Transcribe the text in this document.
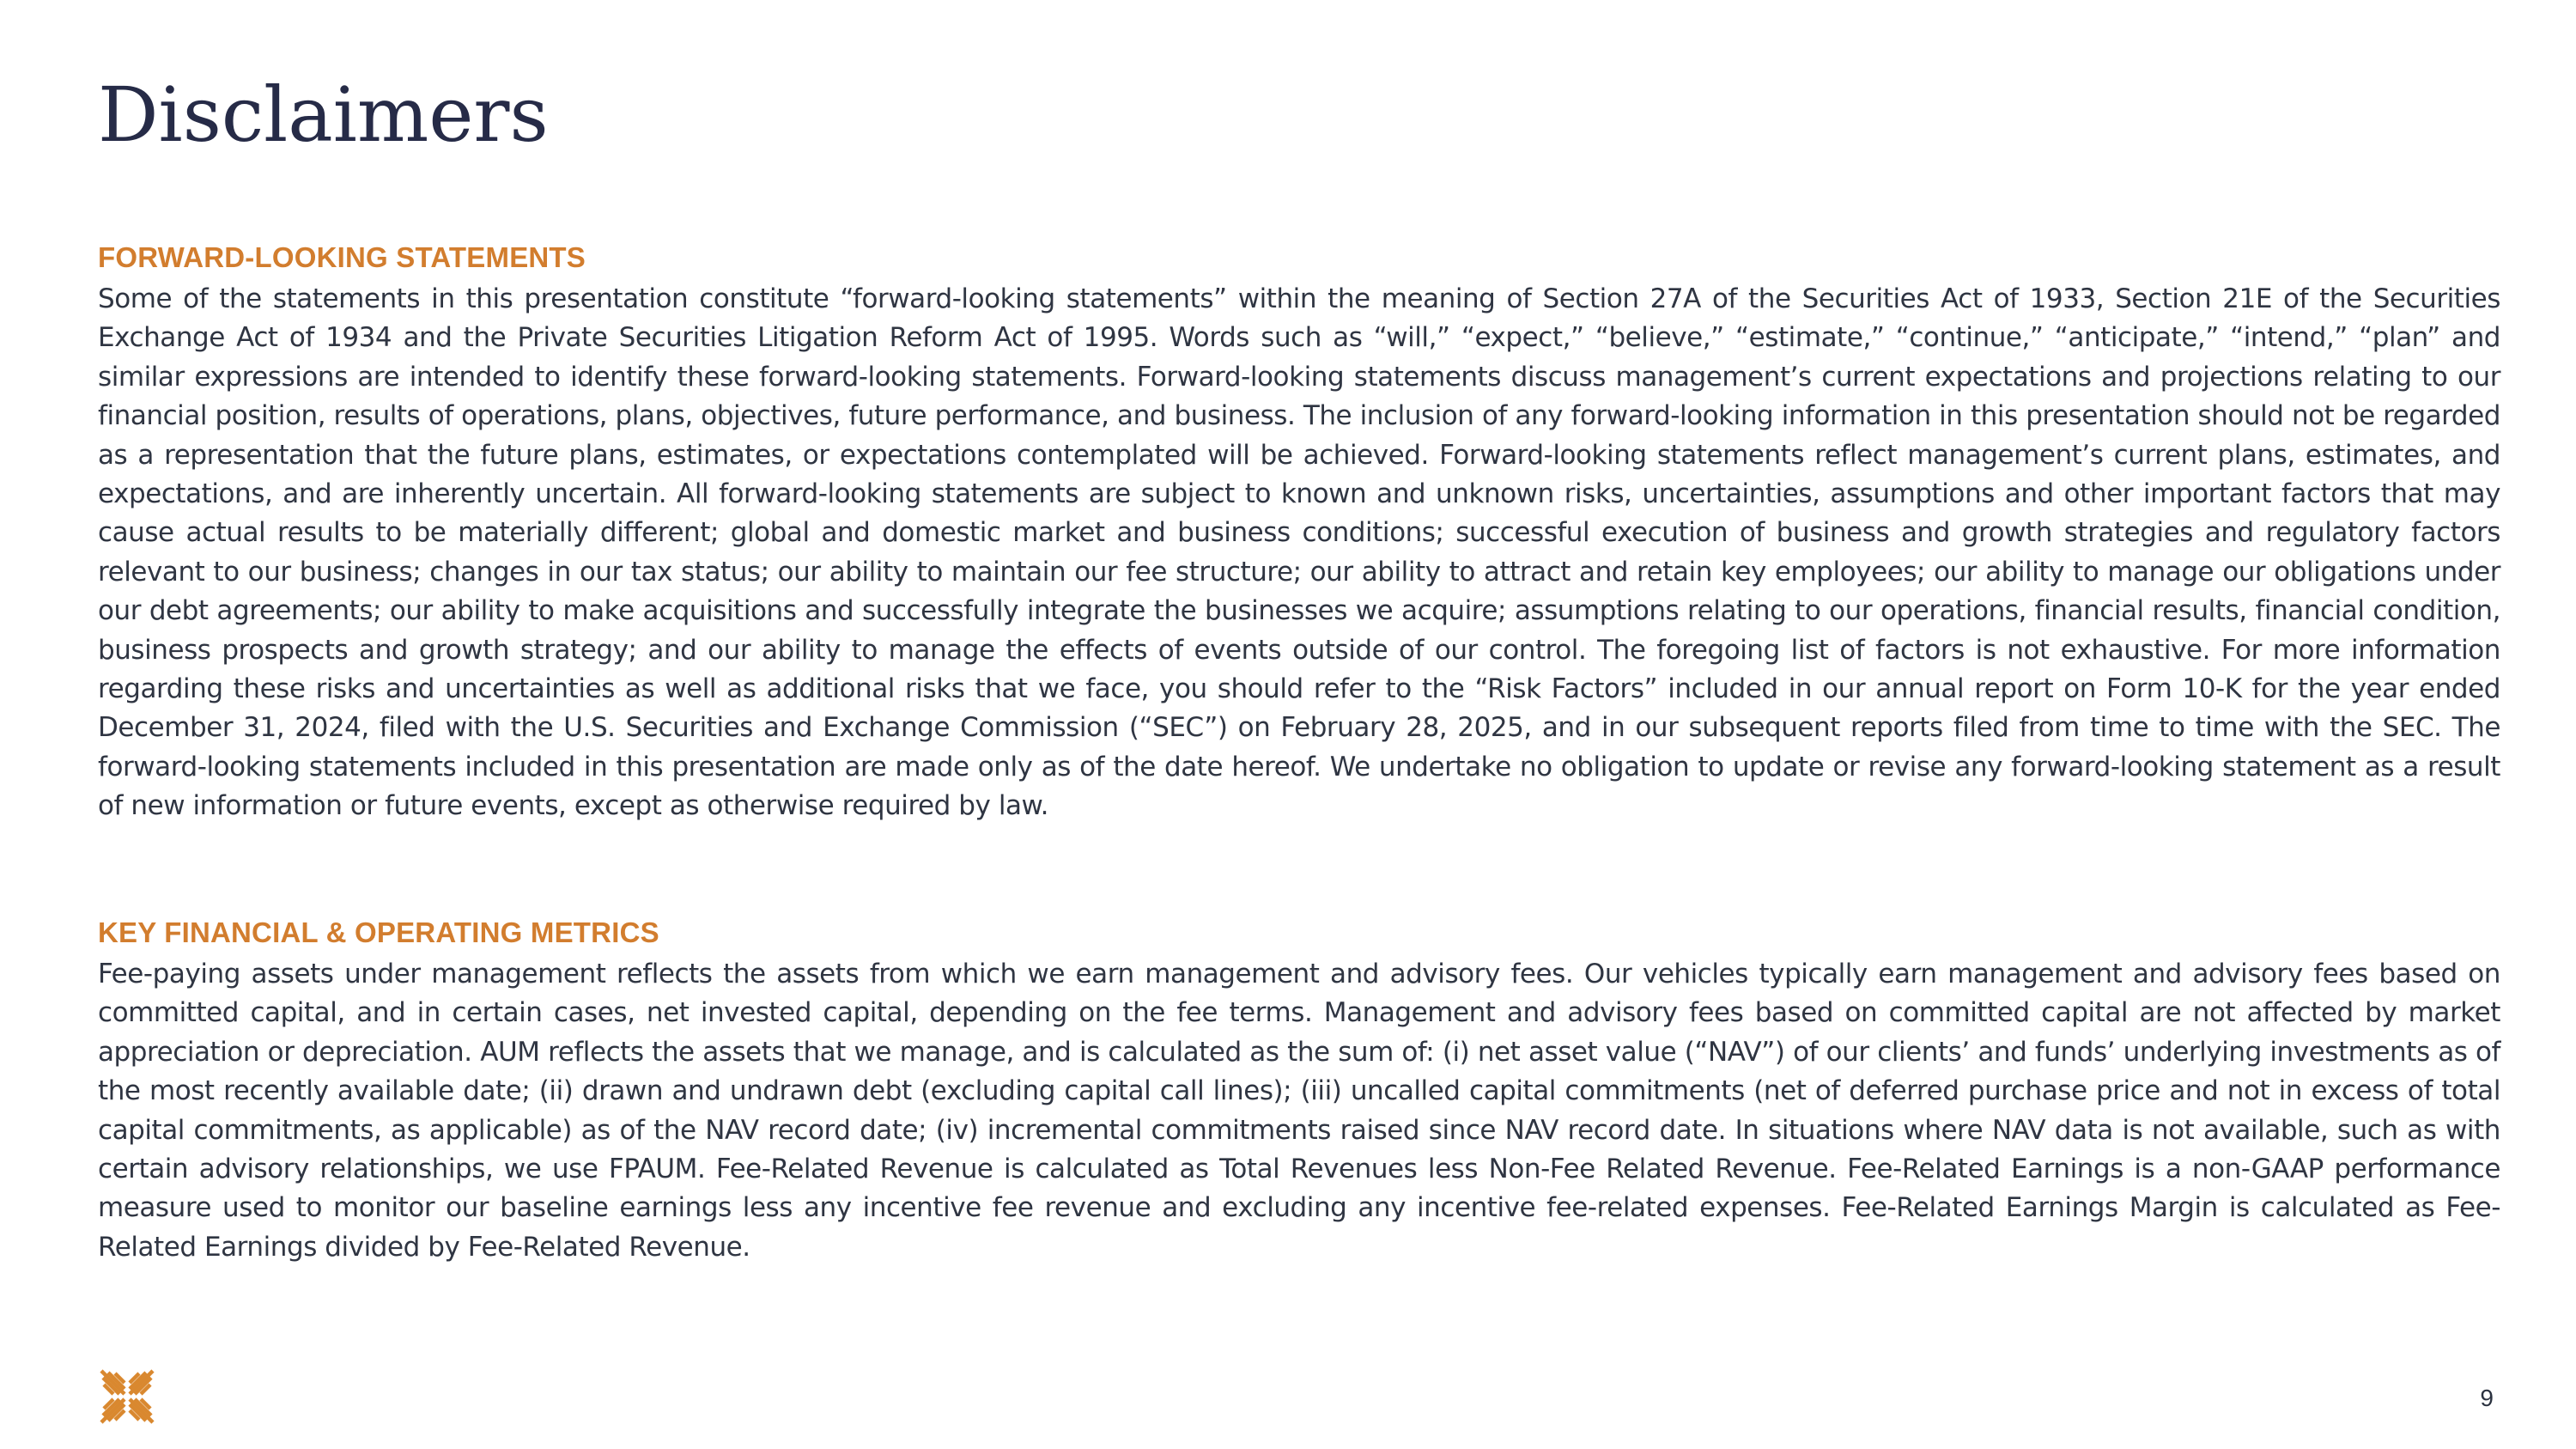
Disclaimers
FORWARD-LOOKING STATEMENTS

Some of the statements in this presentation constitute “forward-looking statements” within the meaning of Section 27A of the Securities Act of 1933, Section 21E of the Securities Exchange Act of 1934 and the Private Securities Litigation Reform Act of 1995. Words such as “will,” “expect,” “believe,” “estimate,” “continue,” “anticipate,” “intend,” “plan” and similar expressions are intended to identify these forward-looking statements. Forward-looking statements discuss management’s current expectations and projections relating to our financial position, results of operations, plans, objectives, future performance, and business. The inclusion of any forward-looking information in this presentation should not be regarded as a representation that the future plans, estimates, or expectations contemplated will be achieved. Forward-looking statements reflect management’s current plans, estimates, and expectations, and are inherently uncertain. All forward-looking statements are subject to known and unknown risks, uncertainties, assumptions and other important factors that may cause actual results to be materially different; global and domestic market and business conditions; successful execution of business and growth strategies and regulatory factors relevant to our business; changes in our tax status; our ability to maintain our fee structure; our ability to attract and retain key employees; our ability to manage our obligations under our debt agreements; our ability to make acquisitions and successfully integrate the businesses we acquire; assumptions relating to our operations, financial results, financial condition, business prospects and growth strategy; and our ability to manage the effects of events outside of our control. The foregoing list of factors is not exhaustive. For more information regarding these risks and uncertainties as well as additional risks that we face, you should refer to the “Risk Factors” included in our annual report on Form 10-K for the year ended December 31, 2024, filed with the U.S. Securities and Exchange Commission (“SEC”) on February 28, 2025, and in our subsequent reports filed from time to time with the SEC. The forward-looking statements included in this presentation are made only as of the date hereof. We undertake no obligation to update or revise any forward-looking statement as a result of new information or future events, except as otherwise required by law.

KEY FINANCIAL & OPERATING METRICS

Fee-paying assets under management reflects the assets from which we earn management and advisory fees. Our vehicles typically earn management and advisory fees based on committed capital, and in certain cases, net invested capital, depending on the fee terms. Management and advisory fees based on committed capital are not affected by market appreciation or depreciation. AUM reflects the assets that we manage, and is calculated as the sum of: (i) net asset value (“NAV”) of our clients’ and funds’ underlying investments as of the most recently available date; (ii) drawn and undrawn debt (excluding capital call lines); (iii) uncalled capital commitments (net of deferred purchase price and not in excess of total capital commitments, as applicable) as of the NAV record date; (iv) incremental commitments raised since NAV record date. In situations where NAV data is not available, such as with certain advisory relationships, we use FPAUM. Fee-Related Revenue is calculated as Total Revenues less Non-Fee Related Revenue. Fee-Related Earnings is a non-GAAP performance measure used to monitor our baseline earnings less any incentive fee revenue and excluding any incentive fee-related expenses. Fee-Related Earnings Margin is calculated as Fee-Related Earnings divided by Fee-Related Revenue.

9
